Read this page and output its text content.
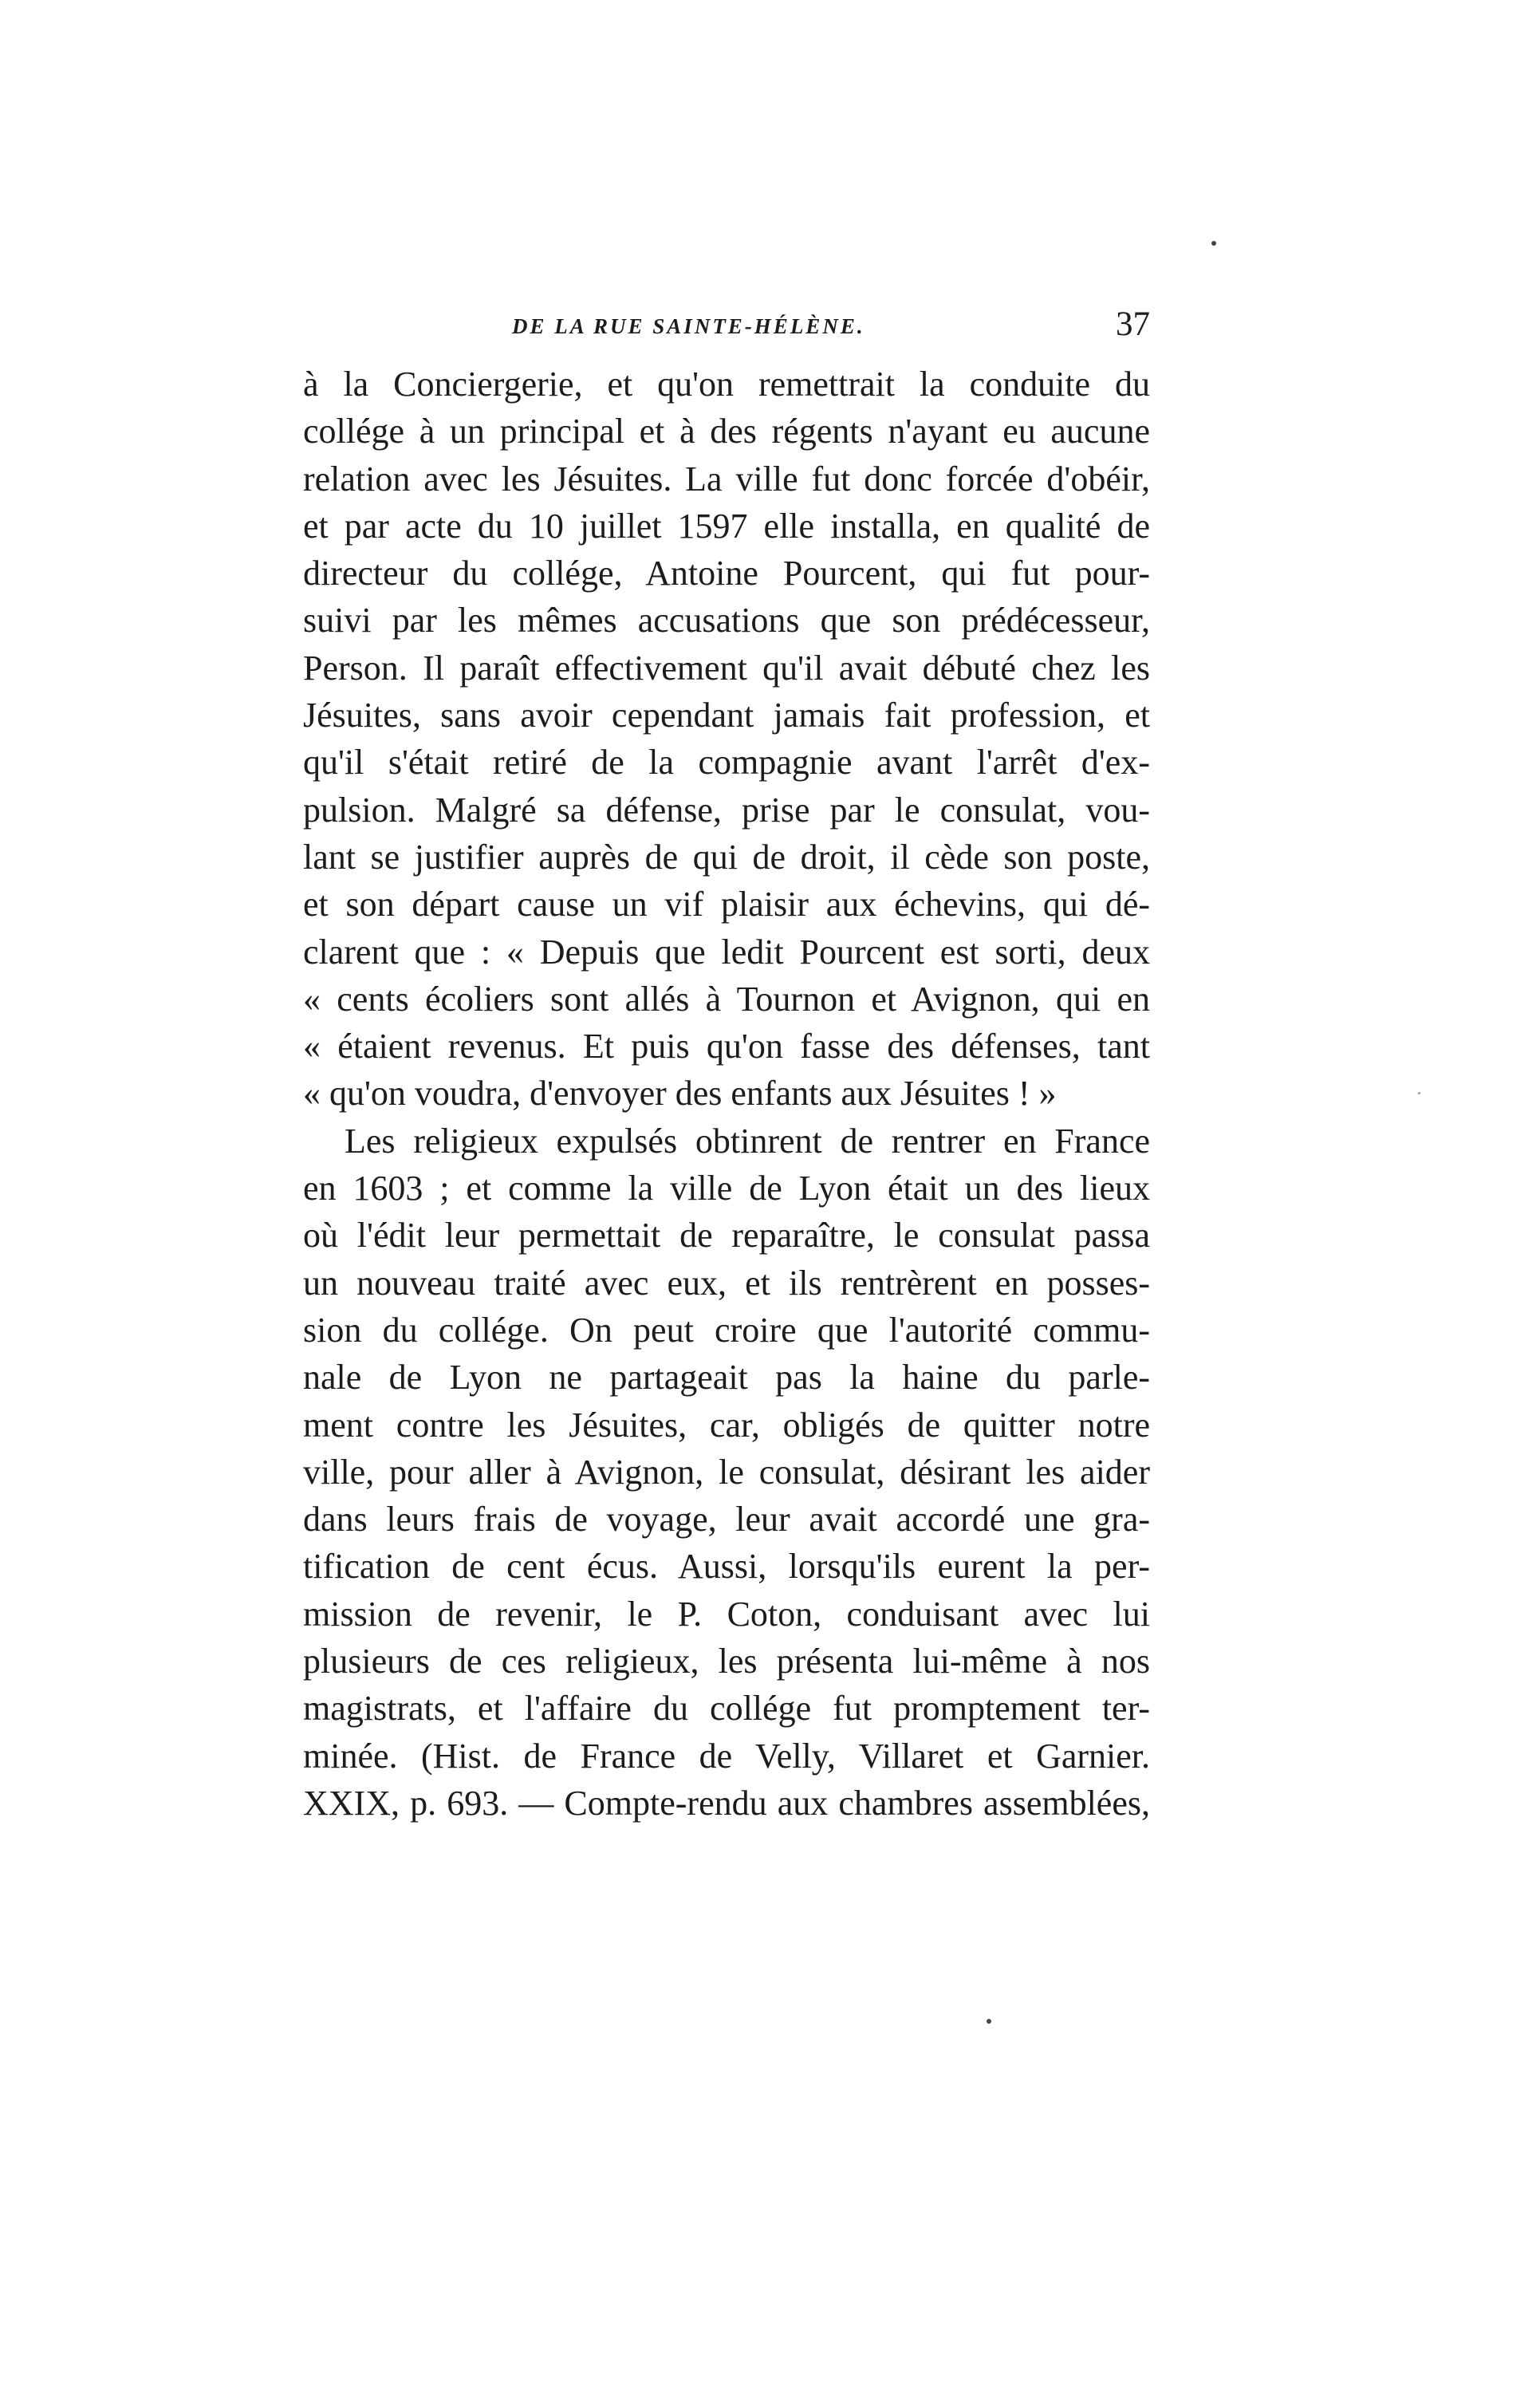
DE LA RUE SAINTE-HÉLÈNE.	37
à la Conciergerie, et qu'on remettrait la conduite du
collége à un principal et à des régents n'ayant eu aucune
relation avec les Jésuites. La ville fut donc forcée d'obéir,
et par acte du 10 juillet 1597 elle installa, en qualité de
directeur du collége, Antoine Pourcent, qui fut pour-
suivi par les mêmes accusations que son prédécesseur,
Person. Il paraît effectivement qu'il avait débuté chez les
Jésuites, sans avoir cependant jamais fait profession, et
qu'il s'était retiré de la compagnie avant l'arrêt d'ex-
pulsion. Malgré sa défense, prise par le consulat, vou-
lant se justifier auprès de qui de droit, il cède son poste,
et son départ cause un vif plaisir aux échevins, qui dé-
clarent que : « Depuis que ledit Pourcent est sorti, deux
« cents écoliers sont allés à Tournon et Avignon, qui en
« étaient revenus. Et puis qu'on fasse des défenses, tant
« qu'on voudra, d'envoyer des enfants aux Jésuites ! »
Les religieux expulsés obtinrent de rentrer en France
en 1603 ; et comme la ville de Lyon était un des lieux
où l'édit leur permettait de reparaître, le consulat passa
un nouveau traité avec eux, et ils rentrèrent en posses-
sion du collége. On peut croire que l'autorité commu-
nale de Lyon ne partageait pas la haine du parle-
ment contre les Jésuites, car, obligés de quitter notre
ville, pour aller à Avignon, le consulat, désirant les aider
dans leurs frais de voyage, leur avait accordé une gra-
tification de cent écus. Aussi, lorsqu'ils eurent la per-
mission de revenir, le P. Coton, conduisant avec lui
plusieurs de ces religieux, les présenta lui-même à nos
magistrats, et l'affaire du collége fut promptement ter-
minée. (Hist. de France de Velly, Villaret et Garnier.
XXIX, p. 693. — Compte-rendu aux chambres assemblées,
